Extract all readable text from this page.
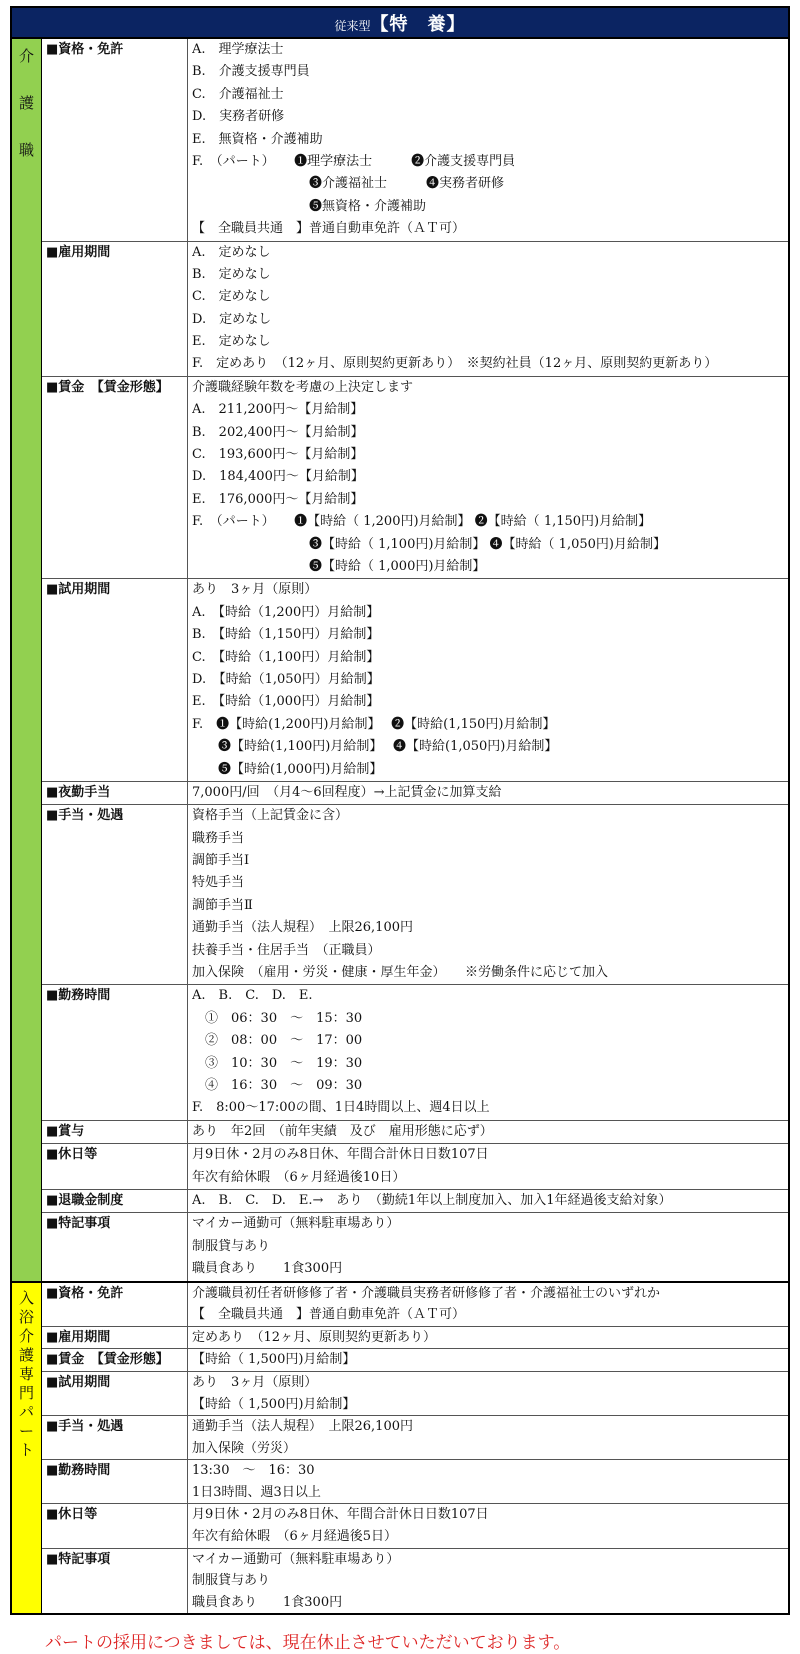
従来型【特　養】
介
護
職
■資格・免許	A.　理学療法士
B.　介護支援専門員
C.　介護福祉士
D.　実務者研修
E.　無資格・介護補助
F.　（パート）　　❶理学療法士　　　❷介護支援専門員
　　　　　　　　　❸介護福祉士　　　❹実務者研修
　　　　　　　　　❺無資格・介護補助
【　全職員共通　】普通自動車免許（ＡＴ可）
■雇用期間	A.　定めなし
B.　定めなし
C.　定めなし
D.　定めなし
E.　定めなし
F.　定めあり　（12ヶ月、原則契約更新あり）　※契約社員（12ヶ月、原則契約更新あり）
■賃金　【賃金形態】	介護職経験年数を考慮の上決定します
A.　211,200円～【月給制】
B.　202,400円～【月給制】
C.　193,600円～【月給制】
D.　184,400円～【月給制】
E.　176,000円～【月給制】
F.　（パート）　　❶【時給（ 1,200円)月給制】 ❷【時給（ 1,150円)月給制】
　　　　　　　　　❸【時給（ 1,100円)月給制】 ❹【時給（ 1,050円)月給制】
　　　　　　　　　❺【時給（ 1,000円)月給制】
■試用期間	あり　3ヶ月（原則）
A.　【時給（1,200円）月給制】
B.　【時給（1,150円）月給制】
C.　【時給（1,100円）月給制】
D.　【時給（1,050円）月給制】
E.　【時給（1,000円）月給制】
F.　❶【時給(1,200円)月給制】　 ❷【時給(1,150円)月給制】
　　❸【時給(1,100円)月給制】　 ❹【時給(1,050円)月給制】
　　❺【時給(1,000円)月給制】
■夜勤手当	7,000円/回　（月4～6回程度）→上記賃金に加算支給
■手当・処遇	資格手当（上記賃金に含）
職務手当
調節手当Ⅰ
特処手当
調節手当Ⅱ
通勤手当（法人規程）　上限26,100円
扶養手当・住居手当　（正職員）
加入保険　（雇用・労災・健康・厚生年金）　　※労働条件に応じて加入
■勤務時間	A.　B.　C.　D.　E.
　①　06：30　～　15：30
　②　08：00　～　17：00
　③　10：30　～　19：30
　④　16：30　～　09：30
F.　8:00～17:00の間、1日4時間以上、週4日以上
■賞与	あり　年2回　（前年実績　及び　雇用形態に応ず）
■休日等	月9日休・2月のみ8日休、年間合計休日日数107日
年次有給休暇　（6ヶ月経過後10日）
■退職金制度	A.　B.　C.　D.　E.→　あり　（勤続1年以上制度加入、加入1年経過後支給対象）
■特記事項	マイカー通勤可（無料駐車場あり）
制服貸与あり
職員食あり　　1食300円
入
浴
介
護
専
門
パ
ー
ト
■資格・免許	介護職員初任者研修修了者・介護職員実務者研修修了者・介護福祉士のいずれか
【　全職員共通　】普通自動車免許（ＡＴ可）
■雇用期間	定めあり　（12ヶ月、原則契約更新あり）
■賃金　【賃金形態】	【時給（ 1,500円)月給制】
■試用期間	あり　3ヶ月（原則）
【時給（ 1,500円)月給制】
■手当・処遇	通勤手当（法人規程）　上限26,100円
加入保険（労災）
■勤務時間	13:30　～　16：30
1日3時間、週3日以上
■休日等	月9日休・2月のみ8日休、年間合計休日日数107日
年次有給休暇　（6ヶ月経過後5日）
■特記事項	マイカー通勤可（無料駐車場あり）
制服貸与あり
職員食あり　　1食300円
パートの採用につきましては、現在休止させていただいております。
